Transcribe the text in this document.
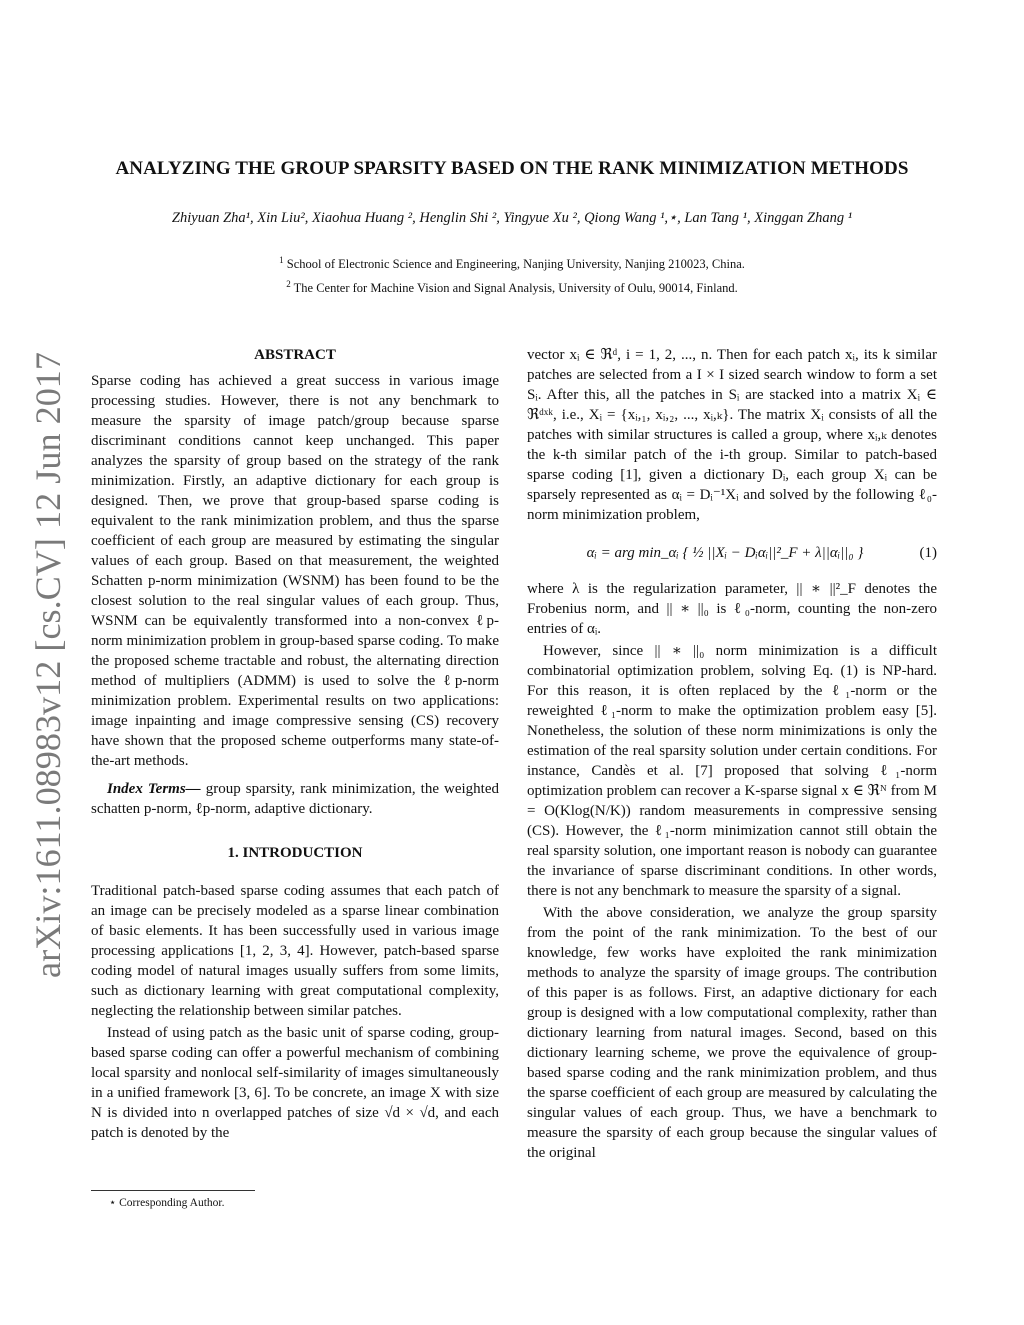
arXiv:1611.08983v12 [cs.CV] 12 Jun 2017
ANALYZING THE GROUP SPARSITY BASED ON THE RANK MINIMIZATION METHODS
Zhiyuan Zha¹, Xin Liu², Xiaohua Huang ², Henglin Shi ², Yingyue Xu ², Qiong Wang ¹,⋆, Lan Tang ¹, Xinggan Zhang ¹
$^1$ School of Electronic Science and Engineering, Nanjing University, Nanjing 210023, China.
$^2$ The Center for Machine Vision and Signal Analysis, University of Oulu, 90014, Finland.
ABSTRACT

Sparse coding has achieved a great success in various image processing studies. However, there is not any benchmark to measure the sparsity of image patch/group because sparse discriminant conditions cannot keep unchanged. This paper analyzes the sparsity of group based on the strategy of the rank minimization. Firstly, an adaptive dictionary for each group is designed. Then, we prove that group-based sparse coding is equivalent to the rank minimization problem, and thus the sparse coefficient of each group are measured by estimating the singular values of each group. Based on that measurement, the weighted Schatten p-norm minimization (WSNM) has been found to be the closest solution to the real singular values of each group. Thus, WSNM can be equivalently transformed into a non-convex ℓp-norm minimization problem in group-based sparse coding. To make the proposed scheme tractable and robust, the alternating direction method of multipliers (ADMM) is used to solve the ℓp-norm minimization problem. Experimental results on two applications: image inpainting and image compressive sensing (CS) recovery have shown that the proposed scheme outperforms many state-of-the-art methods.

Index Terms— group sparsity, rank minimization, the weighted schatten p-norm, ℓp-norm, adaptive dictionary.

1. INTRODUCTION

Traditional patch-based sparse coding assumes that each patch of an image can be precisely modeled as a sparse linear combination of basic elements. It has been successfully used in various image processing applications [1, 2, 3, 4]. However, patch-based sparse coding model of natural images usually suffers from some limits, such as dictionary learning with great computational complexity, neglecting the relationship between similar patches.

Instead of using patch as the basic unit of sparse coding, group-based sparse coding can offer a powerful mechanism of combining local sparsity and nonlocal self-similarity of images simultaneously in a unified framework [3, 6]. To be concrete, an image X with size N is divided into n overlapped patches of size √d × √d, and each patch is denoted by the

⋆ Corresponding Author.

vector xᵢ ∈ ℜᵈ, i = 1, 2, ..., n. Then for each patch xᵢ, its k similar patches are selected from a I × I sized search window to form a set Sᵢ. After this, all the patches in Sᵢ are stacked into a matrix Xᵢ ∈ ℜᵈˣᵏ, i.e., Xᵢ = {xᵢ,₁, xᵢ,₂, ..., xᵢ,ₖ}. The matrix Xᵢ consists of all the patches with similar structures is called a group, where xᵢ,ₖ denotes the k-th similar patch of the i-th group. Similar to patch-based sparse coding [1], given a dictionary Dᵢ, each group Xᵢ can be sparsely represented as αᵢ = Dᵢ⁻¹Xᵢ and solved by the following ℓ₀-norm minimization problem,

αᵢ = arg min_αᵢ { ½ ||Xᵢ − Dᵢαᵢ||²_F + λ||αᵢ||₀ }	(1)

where λ is the regularization parameter, || ∗ ||²_F denotes the Frobenius norm, and || ∗ ||₀ is ℓ₀-norm, counting the non-zero entries of αᵢ.

However, since || ∗ ||₀ norm minimization is a difficult combinatorial optimization problem, solving Eq. (1) is NP-hard. For this reason, it is often replaced by the ℓ₁-norm or the reweighted ℓ₁-norm to make the optimization problem easy [5]. Nonetheless, the solution of these norm minimizations is only the estimation of the real sparsity solution under certain conditions. For instance, Candès et al. [7] proposed that solving ℓ₁-norm optimization problem can recover a K-sparse signal x ∈ ℜᴺ from M = O(Klog(N/K)) random measurements in compressive sensing (CS). However, the ℓ₁-norm minimization cannot still obtain the real sparsity solution, one important reason is nobody can guarantee the invariance of sparse discriminant conditions. In other words, there is not any benchmark to measure the sparsity of a signal.

With the above consideration, we analyze the group sparsity from the point of the rank minimization. To the best of our knowledge, few works have exploited the rank minimization methods to analyze the sparsity of image groups. The contribution of this paper is as follows. First, an adaptive dictionary for each group is designed with a low computational complexity, rather than dictionary learning from natural images. Second, based on this dictionary learning scheme, we prove the equivalence of group-based sparse coding and the rank minimization problem, and thus the sparse coefficient of each group are measured by calculating the singular values of each group. Thus, we have a benchmark to measure the sparsity of each group because the singular values of the original
